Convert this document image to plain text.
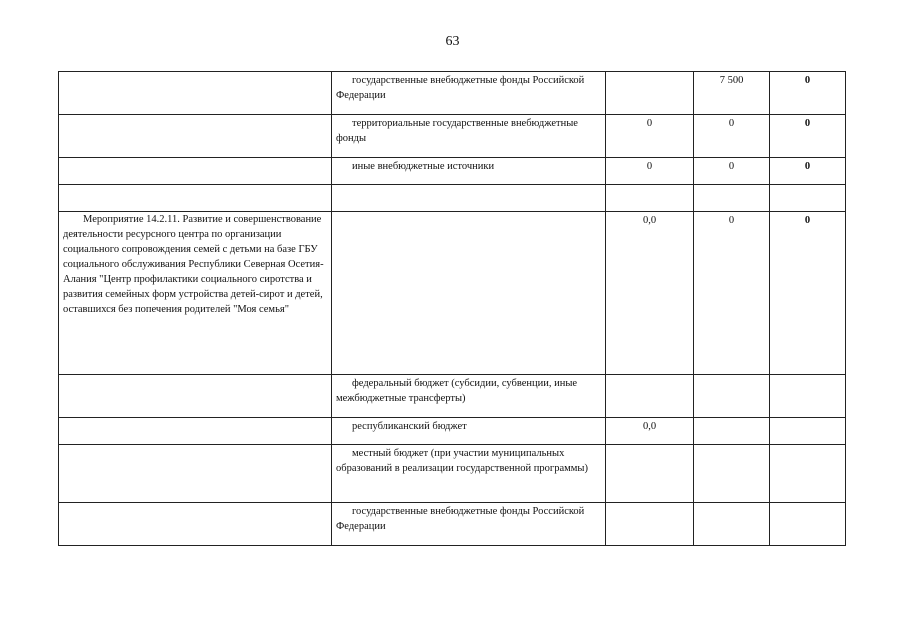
63

	государственные внебюджетные фонды Российской Федерации		7 500	0

	территориальные государственные внебюджетные фонды	0	0	0

	иные внебюджетные источники	0	0	0

Мероприятие 14.2.11. Развитие и совершенствование деятельности ресурсного центра по организации социального сопровождения семей с детьми на базе ГБУ социального обслуживания Республики Северная Осетия-Алания "Центр профилактики социального сиротства и развития семейных форм устройства детей-сирот и детей, оставшихся без попечения родителей "Моя семья"		0,0	0	0

	федеральный бюджет (субсидии, субвенции, иные межбюджетные трансферты)			

	республиканский бюджет	0,0		

	местный бюджет (при участии муниципальных образований в реализации государственной программы)			

	государственные внебюджетные фонды Российской Федерации			
